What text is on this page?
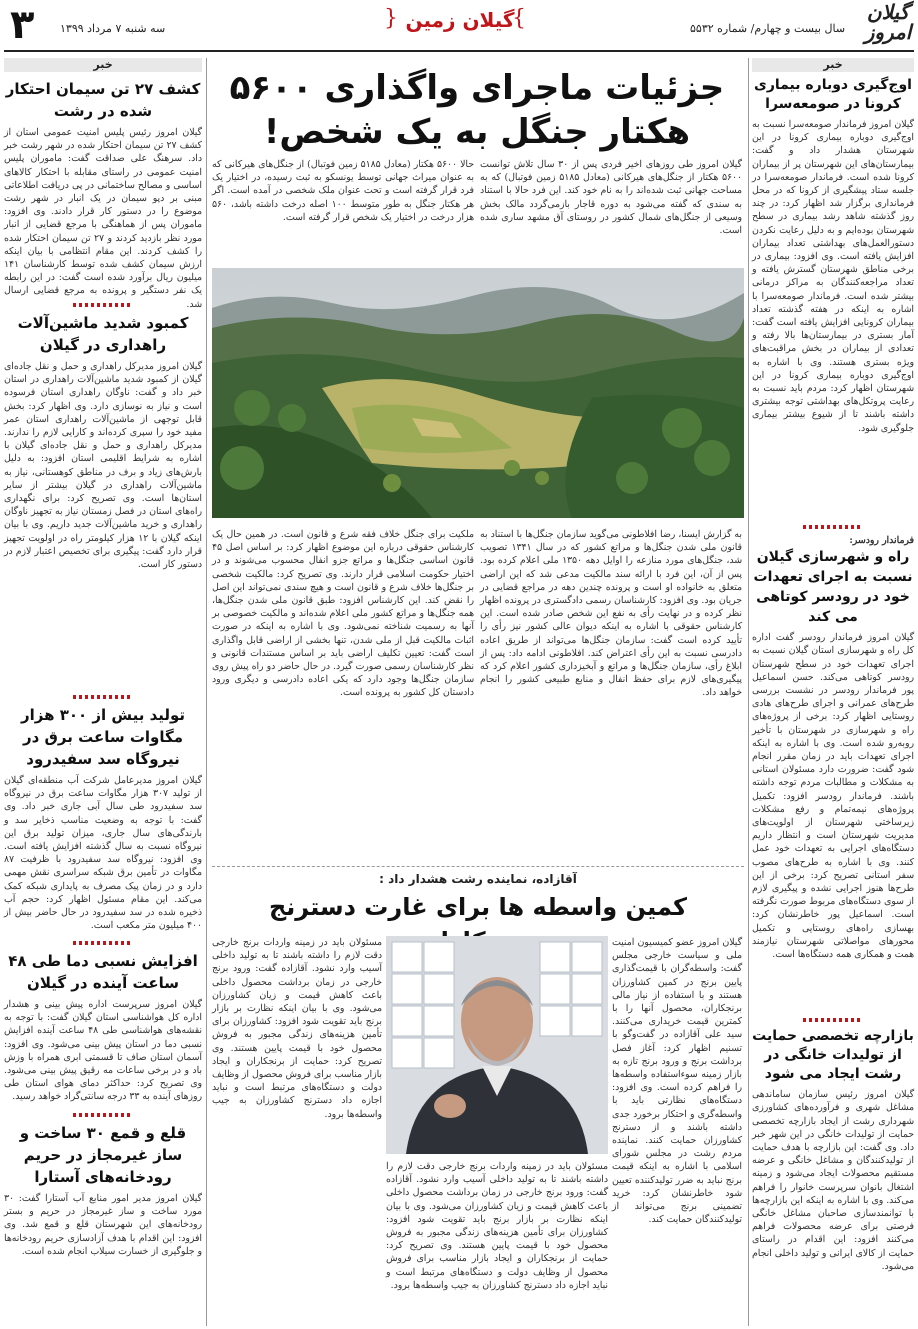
۳ سه شنبه ۷ مرداد ۱۳۹۹	{ گیلان زمین
}	سال بیست و چهارم/ شماره ۵۵۳۲
گیلان امروز
خبر
اوج‌گیری دوباره بیماری کرونا در صومعه‌سرا
گیلان امروز فرماندار صومعه‌سرا نسبت به اوج‌گیری دوباره بیماری کرونا در این شهرستان هشدار داد و گفت: بیمارستان‌های این شهرستان پر از بیماران کرونا شده است. فرماندار صومعه‌سرا در جلسه ستاد پیشگیری از کرونا که در محل فرمانداری برگزار شد اظهار کرد: در چند روز گذشته شاهد رشد بیماری در سطح شهرستان بوده‌ایم و به دلیل رعایت نکردن دستورالعمل‌های بهداشتی تعداد بیماران افزایش یافته است. وی افزود: بیماری در برخی مناطق شهرستان گسترش یافته و تعداد مراجعه‌کنندگان به مراکز درمانی بیشتر شده است. فرماندار صومعه‌سرا با اشاره به اینکه در هفته گذشته تعداد بیماران کرونایی افزایش یافته است گفت: آمار بستری در بیمارستان‌ها بالا رفته و تعدادی از بیماران در بخش مراقبت‌های ویژه بستری هستند. وی با اشاره به اوج‌گیری دوباره بیماری کرونا در این شهرستان اظهار کرد: مردم باید نسبت به رعایت پروتکل‌های بهداشتی توجه بیشتری داشته باشند تا از شیوع بیشتر بیماری جلوگیری شود.
فرماندار رودسر:
راه و شهرسازی گیلان نسبت به اجرای تعهدات خود در رودسر کوتاهی می کند
گیلان امروز فرماندار رودسر گفت اداره کل راه و شهرسازی استان گیلان نسبت به اجرای تعهدات خود در سطح شهرستان رودسر کوتاهی می‌کند. حسن اسماعیل پور فرماندار رودسر در نشست بررسی طرح‌های عمرانی و اجرای طرح‌های هادی روستایی اظهار کرد: برخی از پروژه‌های راه و شهرسازی در شهرستان با تأخیر روبه‌رو شده است. وی با اشاره به اینکه اجرای تعهدات باید در زمان مقرر انجام شود گفت: ضرورت دارد مسئولان استانی به مشکلات و مطالبات مردم توجه داشته باشند. فرماندار رودسر افزود: تکمیل پروژه‌های نیمه‌تمام و رفع مشکلات زیرساختی شهرستان از اولویت‌های مدیریت شهرستان است و انتظار داریم دستگاه‌های اجرایی به تعهدات خود عمل کنند. وی با اشاره به طرح‌های مصوب سفر استانی تصریح کرد: برخی از این طرح‌ها هنوز اجرایی نشده و پیگیری لازم از سوی دستگاه‌های مربوط صورت نگرفته است. اسماعیل پور خاطرنشان کرد: بهسازی راه‌های روستایی و تکمیل محورهای مواصلاتی شهرستان نیازمند همت و همکاری همه دستگاه‌ها است.
بازارچه تخصصی حمایت از تولیدات خانگی در رشت ایجاد می شود
گیلان امروز رئیس سازمان ساماندهی مشاغل شهری و فرآورده‌های کشاورزی شهرداری رشت از ایجاد بازارچه تخصصی حمایت از تولیدات خانگی در این شهر خبر داد. وی گفت: این بازارچه با هدف حمایت از تولیدکنندگان و مشاغل خانگی و عرضه مستقیم محصولات ایجاد می‌شود و زمینه اشتغال بانوان سرپرست خانوار را فراهم می‌کند. وی با اشاره به اینکه این بازارچه‌ها با توانمندسازی صاحبان مشاغل خانگی فرصتی برای عرضه محصولات فراهم می‌کنند افزود: این اقدام در راستای حمایت از کالای ایرانی و تولید داخلی انجام می‌شود.
جزئیات ماجرای واگذاری ۵۶۰۰ هکتار جنگل به یک شخص!
گیلان امروز طی روزهای اخیر فردی پس از ۳۰ سال تلاش توانست ۵۶۰۰ هکتار از جنگل‌های هیرکانی (معادل ۵۱۸۵ زمین فوتبال) که به مساحت جهانی ثبت شده‌اند را به نام خود کند. این فرد حالا با استناد به سندی که گفته می‌شود به دوره قاجار بازمی‌گردد مالک بخش وسیعی از جنگل‌های شمال کشور در روستای آق مشهد ساری شده است.
حالا ۵۶۰۰ هکتار (معادل ۵۱۸۵ زمین فوتبال) از جنگل‌های هیرکانی که به عنوان میراث جهانی توسط یونسکو به ثبت رسیده، در اختیار یک فرد قرار گرفته است و تحت عنوان ملک شخصی در آمده است. اگر هر هکتار جنگل به طور متوسط ۱۰۰ اصله درخت داشته باشد، ۵۶۰ هزار درخت در اختیار یک شخص قرار گرفته است.
به گزارش ایسنا، رضا افلاطونی می‌گوید سازمان جنگل‌ها با استناد به قانون ملی شدن جنگل‌ها و مراتع کشور که در سال ۱۳۴۱ تصویب شد، جنگل‌های مورد منازعه را اوایل دهه ۱۳۵۰ ملی اعلام کرده بود. پس از آن، این فرد با ارائه سند مالکیت مدعی شد که این اراضی متعلق به خانواده او است و پرونده چندین دهه در مراجع قضایی در جریان بود. وی افزود: کارشناسان رسمی دادگستری در پرونده اظهار نظر کرده و در نهایت رأی به نفع این شخص صادر شده است. این کارشناس حقوقی با اشاره به اینکه دیوان عالی کشور نیز رأی را تأیید کرده است گفت: سازمان جنگل‌ها می‌تواند از طریق اعاده دادرسی نسبت به این رأی اعتراض کند. افلاطونی ادامه داد: پس از ابلاغ رأی، سازمان جنگل‌ها و مراتع و آبخیزداری کشور اعلام کرد که پیگیری‌های لازم برای حفظ انفال و منابع طبیعی کشور را انجام خواهد داد.
ملکیت برای جنگل خلاف فقه شرع و قانون است. در همین حال یک کارشناس حقوقی درباره این موضوع اظهار کرد: بر اساس اصل ۴۵ قانون اساسی جنگل‌ها و مراتع جزو انفال محسوب می‌شوند و در اختیار حکومت اسلامی قرار دارند. وی تصریح کرد: مالکیت شخصی بر جنگل‌ها خلاف شرع و قانون است و هیچ سندی نمی‌تواند این اصل را نقض کند. این کارشناس افزود: طبق قانون ملی شدن جنگل‌ها، همه جنگل‌ها و مراتع کشور ملی اعلام شده‌اند و مالکیت خصوصی بر آنها به رسمیت شناخته نمی‌شود. وی با اشاره به اینکه در صورت اثبات مالکیت قبل از ملی شدن، تنها بخشی از اراضی قابل واگذاری است گفت: تعیین تکلیف اراضی باید بر اساس مستندات قانونی و نظر کارشناسان رسمی صورت گیرد. در حال حاضر دو راه پیش روی سازمان جنگل‌ها وجود دارد که یکی اعاده دادرسی و دیگری ورود دادستان کل کشور به پرونده است.
آقازاده، نماینده رشت هشدار داد :
کمین واسطه ها برای غارت دسترنج
گیلان امروز عضو کمیسیون امنیت ملی و سیاست خارجی مجلس گفت: واسطه‌گران با قیمت‌گذاری پایین برنج در کمین کشاورزان هستند و با استفاده از نیاز مالی برنجکاران، محصول آنها را با کمترین قیمت خریداری می‌کنند. سید علی آقازاده در گفت‌وگو با تسنیم اظهار کرد: آغاز فصل برداشت برنج و ورود برنج تازه به بازار زمینه سوءاستفاده واسطه‌ها را فراهم کرده است. وی افزود: دستگاه‌های نظارتی باید با واسطه‌گری و احتکار برخورد جدی داشته باشند و از دسترنج کشاورزان حمایت کنند. نماینده مردم رشت در مجلس شورای اسلامی با اشاره به اینکه قیمت برنج نباید به ضرر تولیدکننده تعیین شود خاطرنشان کرد: خرید تضمینی برنج می‌تواند از تولیدکنندگان حمایت کند.
مسئولان باید در زمینه واردات برنج خارجی دقت لازم را داشته باشند تا به تولید داخلی آسیب وارد نشود. آقازاده گفت: ورود برنج خارجی در زمان برداشت محصول داخلی باعث کاهش قیمت و زیان کشاورزان می‌شود. وی با بیان اینکه نظارت بر بازار برنج باید تقویت شود افزود: کشاورزان برای تأمین هزینه‌های زندگی مجبور به فروش محصول خود با قیمت پایین هستند. وی تصریح کرد: حمایت از برنجکاران و ایجاد بازار مناسب برای فروش محصول از وظایف دولت و دستگاه‌های مرتبط است و نباید اجازه داد دسترنج کشاورزان به جیب واسطه‌ها برود.
مسئولان باید در زمینه واردات برنج خارجی دقت لازم را داشته باشند تا به تولید داخلی آسیب وارد نشود. آقازاده گفت: ورود برنج خارجی در زمان برداشت محصول داخلی باعث کاهش قیمت و زیان کشاورزان می‌شود. وی با بیان اینکه نظارت بر بازار برنج باید تقویت شود افزود: کشاورزان برای تأمین هزینه‌های زندگی مجبور به فروش محصول خود با قیمت پایین هستند. وی تصریح کرد: حمایت از برنجکاران و ایجاد بازار مناسب برای فروش محصول از وظایف دولت و دستگاه‌های مرتبط است و نباید اجازه داد دسترنج کشاورزان به جیب واسطه‌ها برود.
خبر
کشف ۲۷ تن سیمان احتکار شده در رشت
گیلان امروز رئیس پلیس امنیت عمومی استان از کشف ۲۷ تن سیمان احتکار شده در شهر رشت خبر داد. سرهنگ علی صداقت گفت: ماموران پلیس امنیت عمومی در راستای مقابله با احتکار کالاهای اساسی و مصالح ساختمانی در پی دریافت اطلاعاتی مبنی بر دپو سیمان در یک انبار در شهر رشت موضوع را در دستور کار قرار دادند. وی افزود: ماموران پس از هماهنگی با مرجع قضایی از انبار مورد نظر بازدید کردند و ۲۷ تن سیمان احتکار شده را کشف کردند. این مقام انتظامی با بیان اینکه ارزش سیمان کشف شده توسط کارشناسان ۱۴۱ میلیون ریال برآورد شده است گفت: در این رابطه یک نفر دستگیر و پرونده به مرجع قضایی ارسال شد.
کمبود شدید ماشین‌آلات راهداری در گیلان
گیلان امروز مدیرکل راهداری و حمل و نقل جاده‌ای گیلان از کمبود شدید ماشین‌آلات راهداری در استان خبر داد و گفت: ناوگان راهداری استان فرسوده است و نیاز به نوسازی دارد. وی اظهار کرد: بخش قابل توجهی از ماشین‌آلات راهداری استان عمر مفید خود را سپری کرده‌اند و کارایی لازم را ندارند. مدیرکل راهداری و حمل و نقل جاده‌ای گیلان با اشاره به شرایط اقلیمی استان افزود: به دلیل بارش‌های زیاد و برف در مناطق کوهستانی، نیاز به ماشین‌آلات راهداری در گیلان بیشتر از سایر استان‌ها است. وی تصریح کرد: برای نگهداری راه‌های استان در فصل زمستان نیاز به تجهیز ناوگان راهداری و خرید ماشین‌آلات جدید داریم. وی با بیان اینکه گیلان با ۱۲ هزار کیلومتر راه در اولویت تجهیز قرار دارد گفت: پیگیری برای تخصیص اعتبار لازم در دستور کار است.
تولید بیش از ۳۰۰ هزار مگاوات ساعت برق در نیروگاه سد سفیدرود
گیلان امروز مدیرعامل شرکت آب منطقه‌ای گیلان از تولید ۳۰۷ هزار مگاوات ساعت برق در نیروگاه سد سفیدرود طی سال آبی جاری خبر داد. وی گفت: با توجه به وضعیت مناسب ذخایر سد و بارندگی‌های سال جاری، میزان تولید برق این نیروگاه نسبت به سال گذشته افزایش یافته است. وی افزود: نیروگاه سد سفیدرود با ظرفیت ۸۷ مگاوات در تأمین برق شبکه سراسری نقش مهمی دارد و در زمان پیک مصرف به پایداری شبکه کمک می‌کند. این مقام مسئول اظهار کرد: حجم آب ذخیره شده در سد سفیدرود در حال حاضر بیش از ۴۰۰ میلیون متر مکعب است.
افزایش نسبی دما طی ۴۸ ساعت آینده در گیلان
گیلان امروز سرپرست اداره پیش بینی و هشدار اداره کل هواشناسی استان گیلان گفت: با توجه به نقشه‌های هواشناسی طی ۴۸ ساعت آینده افزایش نسبی دما در استان پیش بینی می‌شود. وی افزود: آسمان استان صاف تا قسمتی ابری همراه با وزش باد و در برخی ساعات مه رقیق پیش بینی می‌شود. وی تصریح کرد: حداکثر دمای هوای استان طی روزهای آینده به ۳۳ درجه سانتی‌گراد خواهد رسید.
قلع و قمع ۳۰ ساخت و ساز غیرمجاز در حریم رودخانه‌های آستارا
گیلان امروز مدیر امور منابع آب آستارا گفت: ۳۰ مورد ساخت و ساز غیرمجاز در حریم و بستر رودخانه‌های این شهرستان قلع و قمع شد. وی افزود: این اقدام با هدف آزادسازی حریم رودخانه‌ها و جلوگیری از خسارت سیلاب انجام شده است.
